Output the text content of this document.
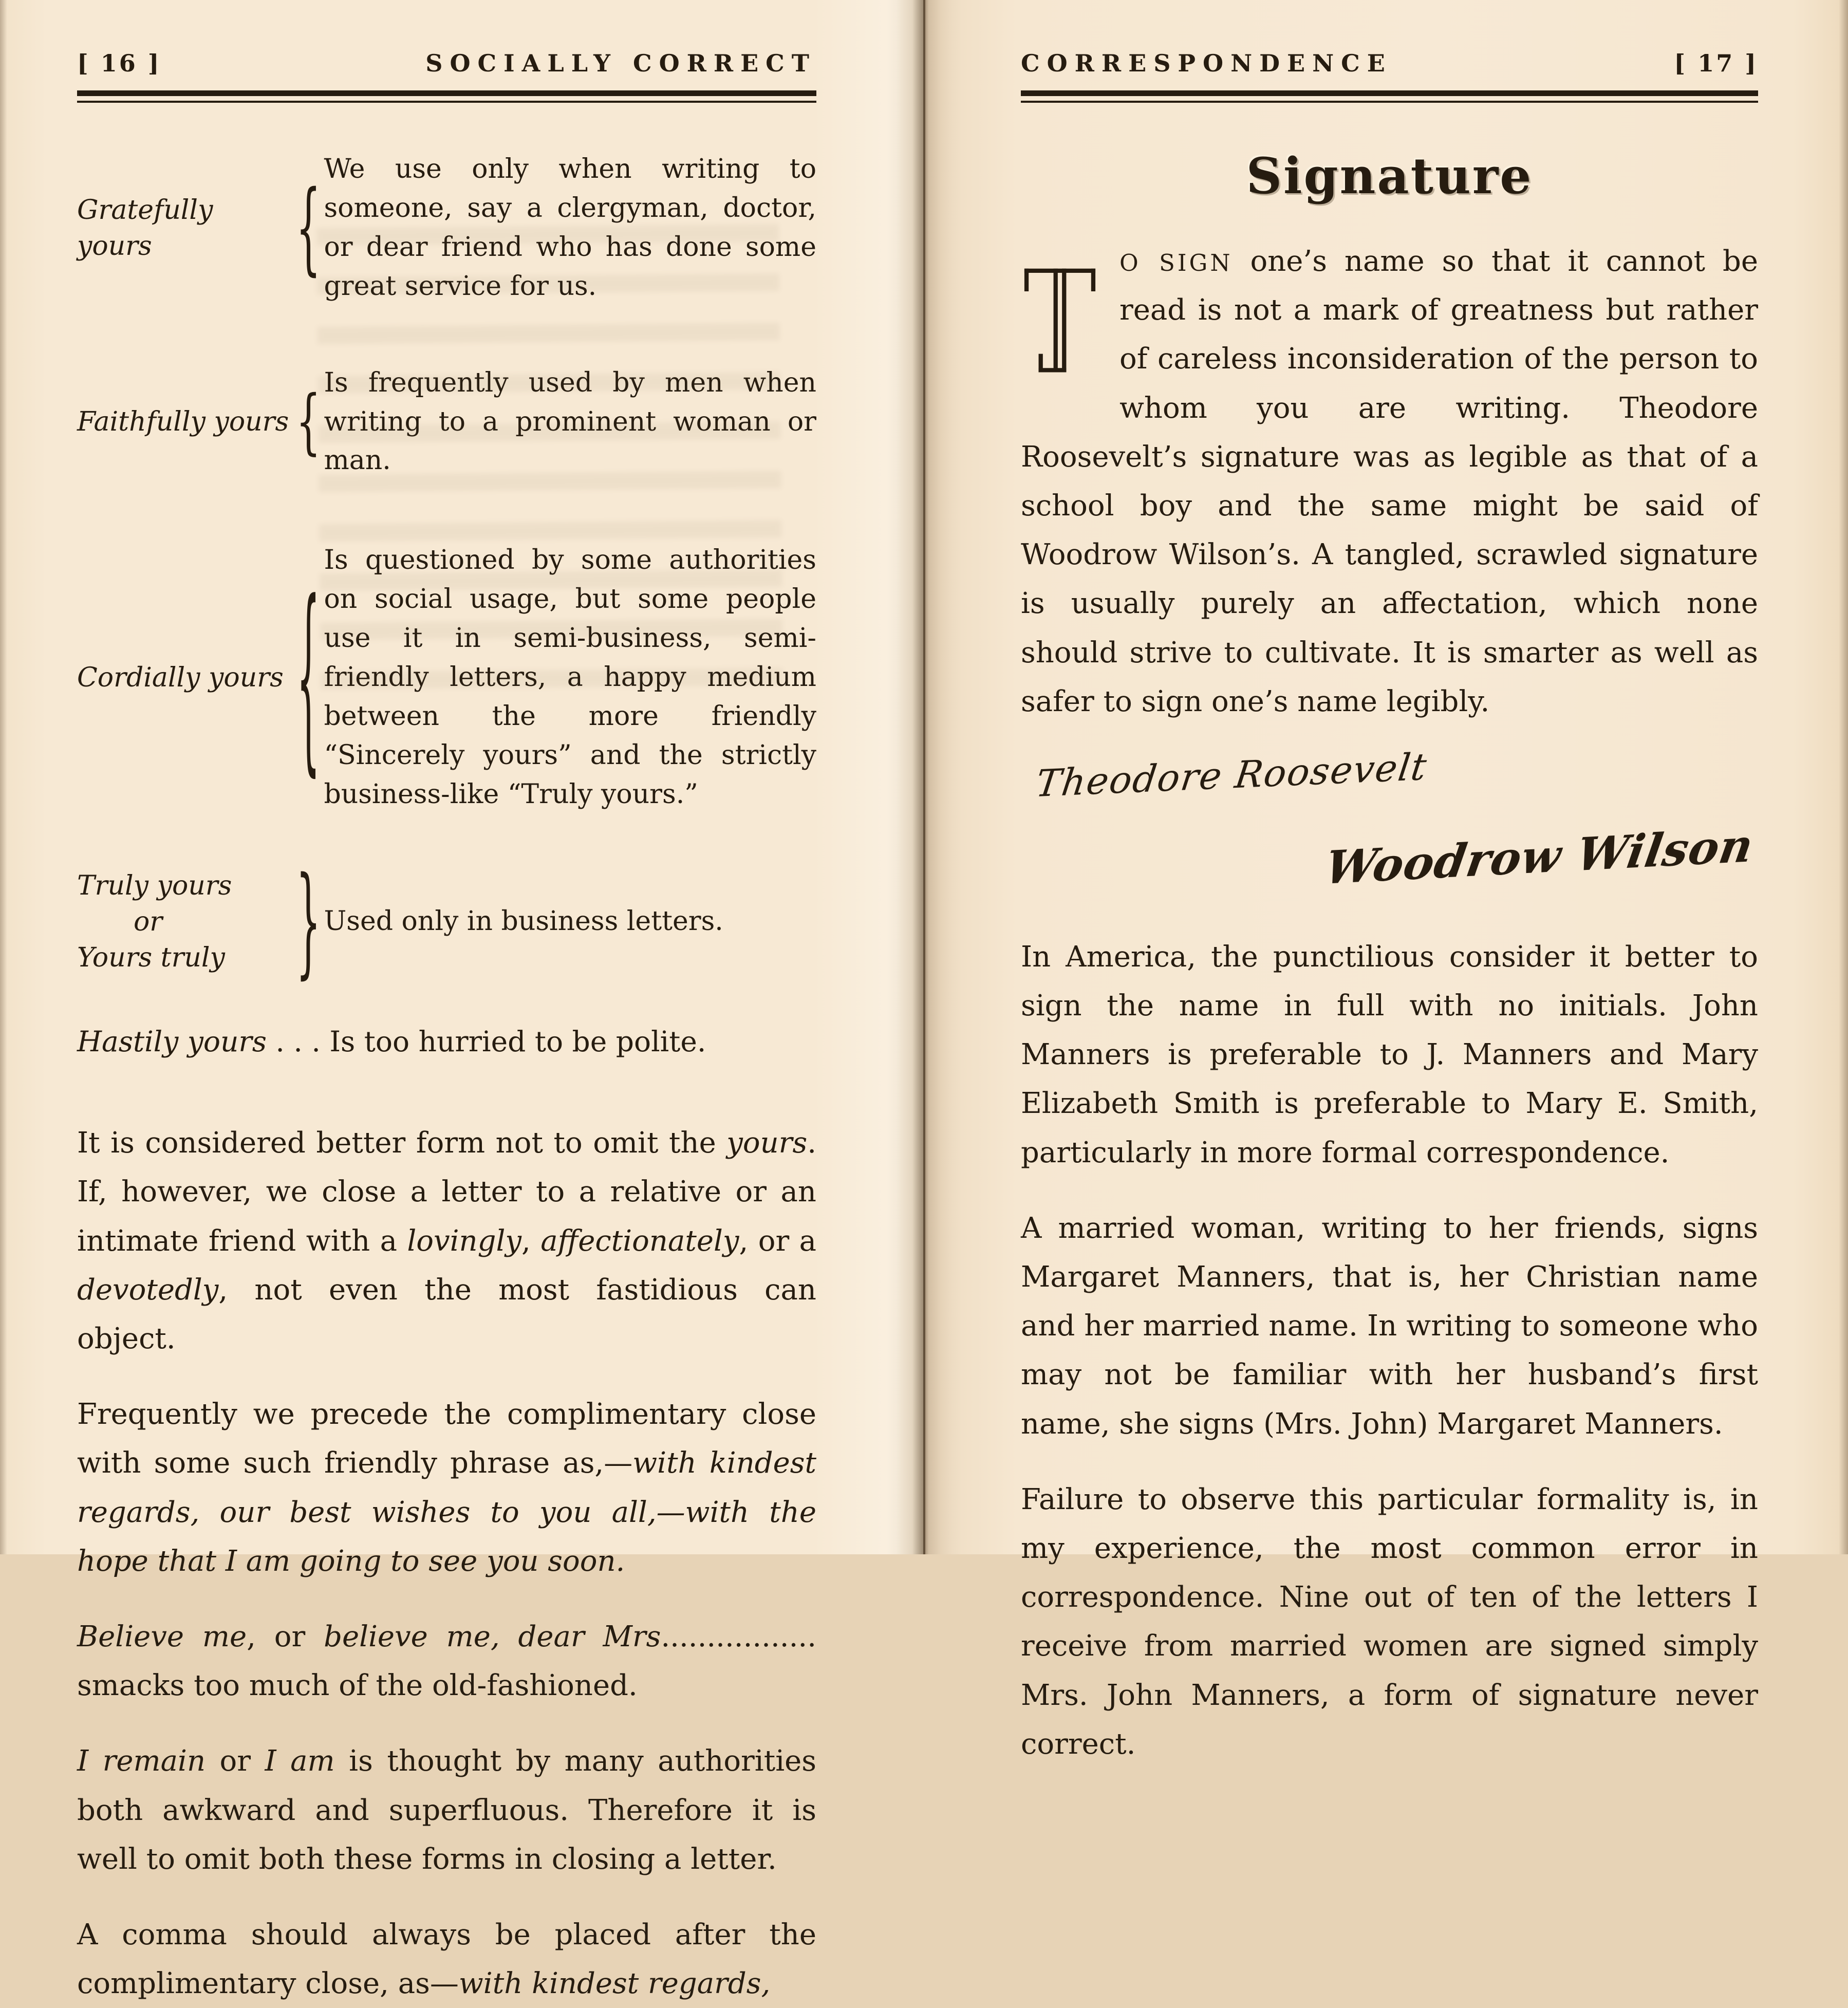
[ 16 ]	SOCIALLY CORRECT
Gratefully yours	{
We use only when writing to someone, say a clergyman, doctor, or dear friend who has done some great service for us.
Faithfully yours { Is frequently used by men when writing to a prominent woman or man.
Cordially yours {
Is questioned by some authorities on social usage, but some people use it in semi-business, semi-friendly letters, a happy medium between the more friendly “Sincerely yours” and the strictly business-like “Truly yours.”
Truly yours
or
Yours truly	} Used only in business letters.

Hastily yours . . . Is too hurried to be polite.

It is considered better form not to omit the yours. If, however, we close a letter to a relative or an intimate friend with a lovingly, affectionately, or a devotedly, not even the most fastidious can object.

Frequently we precede the complimentary close with some such friendly phrase as,—with kindest regards, our best wishes to you all,—with the hope that I am going to see you soon.

Believe me, or believe me, dear Mrs................. smacks too much of the old-fashioned.

I remain or I am is thought by many authorities both awkward and superfluous. Therefore it is well to omit both these forms in closing a letter.

A comma should always be placed after the complimentary close, as—with kindest regards,

CORRESPONDENCE	[ 17 ]
Signature

O SIGN one’s name so that it cannot be read is not a mark of greatness but rather of careless inconsideration of the person to whom you are writing. Theodore Roosevelt’s signature was as legible as that of a school boy and the same might be said of Woodrow Wilson’s. A tangled, scrawled signature is usually purely an affectation, which none should strive to cultivate. It is smarter as well as safer to sign one’s name legibly.

Theodore Roosevelt
Woodrow Wilson

In America, the punctilious consider it better to sign the name in full with no initials. John Manners is preferable to J. Manners and Mary Elizabeth Smith is preferable to Mary E. Smith, particularly in more formal correspondence.

A married woman, writing to her friends, signs Margaret Manners, that is, her Christian name and her married name. In writing to someone who may not be familiar with her husband’s first name, she signs (Mrs. John) Margaret Manners.

Failure to observe this particular formality is, in my experience, the most common error in correspondence. Nine out of ten of the letters I receive from married women are signed simply Mrs. John Manners, a form of signature never correct.
